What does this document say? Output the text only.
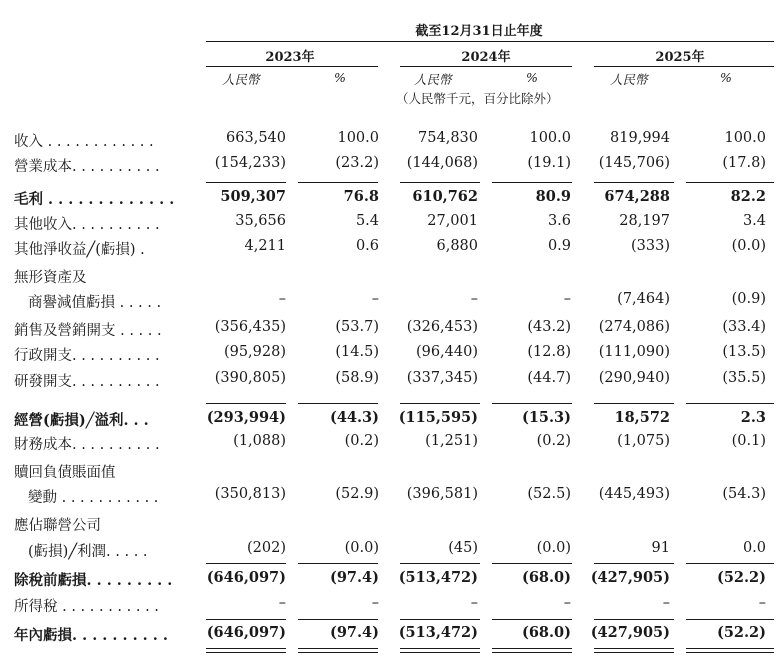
截至12月31日止年度
2023年	2024年	2025年
人民幣	%	人民幣	%	人民幣	%
（人民幣千元，百分比除外）
收入 . . . . . . . . . . . .	663,540	100.0	754,830	100.0	819,994	100.0
營業成本. . . . . . . . . .	(154,233)	(23.2)	(144,068)	(19.1)	(145,706)	(17.8)
毛利 . . . . . . . . . . . . .	509,307	76.8	610,762	80.9	674,288	82.2
其他收入. . . . . . . . . .	35,656	5.4	27,001	3.6	28,197	3.4
其他淨收益╱(虧損) .	4,211	0.6	6,880	0.9	(333)	(0.0)
無形資產及
商譽減值虧損 . . . . .	–	–	–	–	(7,464)	(0.9)
銷售及營銷開支 . . . . .	(356,435)	(53.7)	(326,453)	(43.2)	(274,086)	(33.4)
行政開支. . . . . . . . . .	(95,928)	(14.5)	(96,440)	(12.8)	(111,090)	(13.5)
研發開支. . . . . . . . . .	(390,805)	(58.9)	(337,345)	(44.7)	(290,940)	(35.5)
經營(虧損)╱溢利. . .	(293,994)	(44.3)	(115,595)	(15.3)	18,572	2.3
財務成本. . . . . . . . . .	(1,088)	(0.2)	(1,251)	(0.2)	(1,075)	(0.1)
贖回負債賬面值
變動 . . . . . . . . . . .	(350,813)	(52.9)	(396,581)	(52.5)	(445,493)	(54.3)
應佔聯營公司
(虧損)╱利潤. . . . .	(202)	(0.0)	(45)	(0.0)	91	0.0
除稅前虧損. . . . . . . . .	(646,097)	(97.4)	(513,472)	(68.0)	(427,905)	(52.2)
所得稅 . . . . . . . . . . .	–	–	–	–	–	–
年內虧損. . . . . . . . . .	(646,097)	(97.4)	(513,472)	(68.0)	(427,905)	(52.2)
